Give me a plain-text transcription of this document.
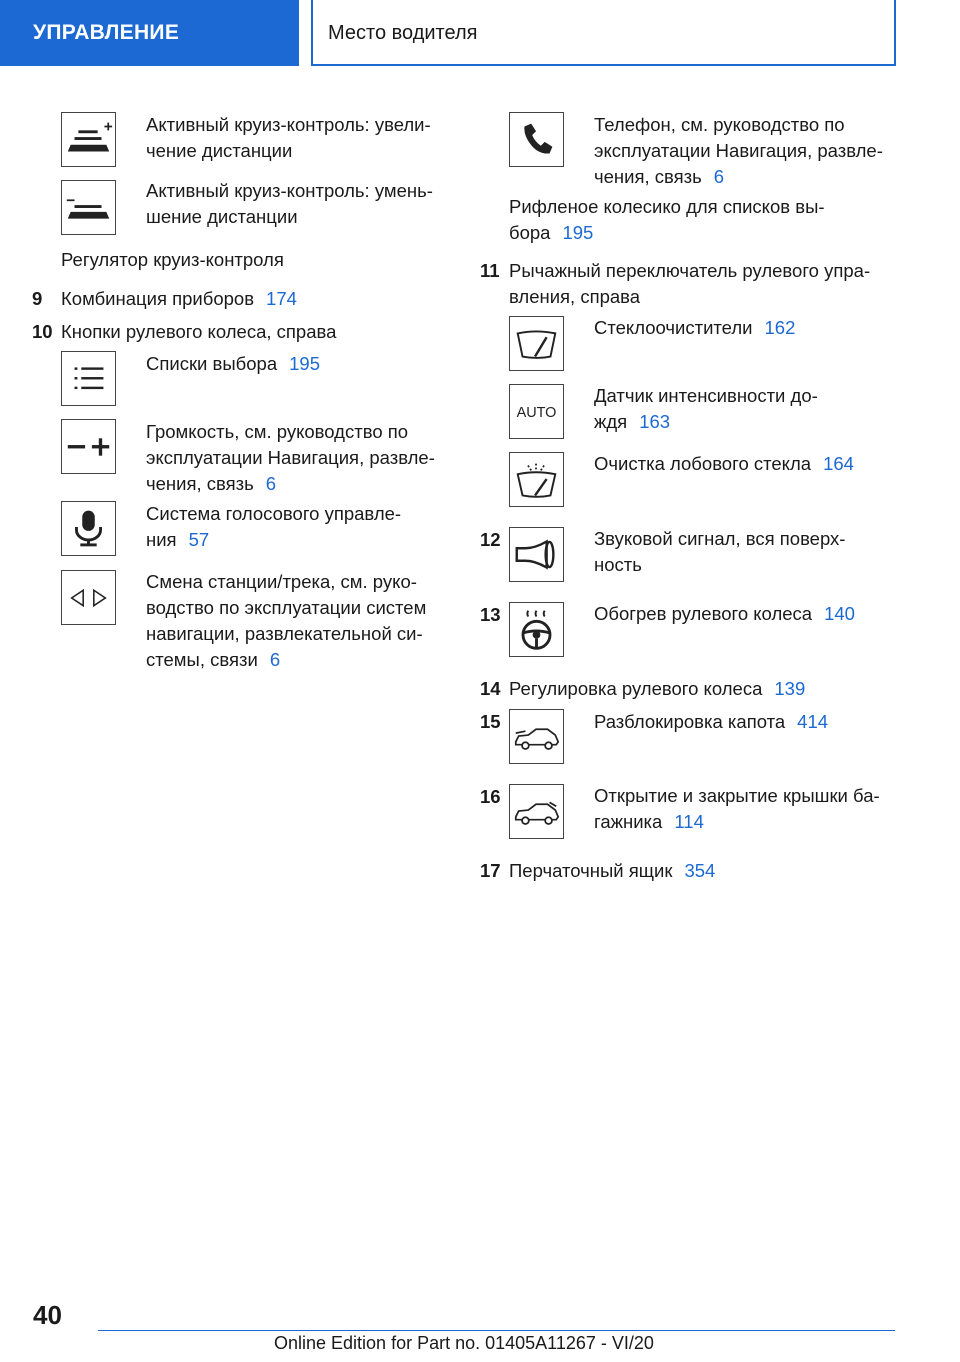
УПРАВЛЕНИЕ	Место водителя
Активный круиз-контроль: увели-
чение дистанции
Активный круиз-контроль: умень-
шение дистанции
Регулятор круиз-контроля
9 Комбинация приборов 174
10 Кнопки рулевого колеса, справа
Списки выбора 195
Громкость, см. руководство по
эксплуатации Навигация, развле-
чения, связь 6
Система голосового управле-
ния 57
Смена станции/трека, см. руко-
водство по эксплуатации систем
навигации, развлекательной си-
стемы, связи 6
Телефон, см. руководство по
эксплуатации Навигация, развле-
чения, связь 6
Рифленое колесико для списков вы-
бора 195
11 Рычажный переключатель рулевого упра-
вления, справа
Стеклоочистители 162
AUTO
Датчик интенсивности до-
ждя 163
Очистка лобового стекла 164
12	Звуковой сигнал, вся поверх-
ность
13	Обогрев рулевого колеса 140
14 Регулировка рулевого колеса 139
15	Разблокировка капота 414
16	Открытие и закрытие крышки ба-
гажника 114
17 Перчаточный ящик 354
40
Online Edition for Part no. 01405A11267 - VI/20
